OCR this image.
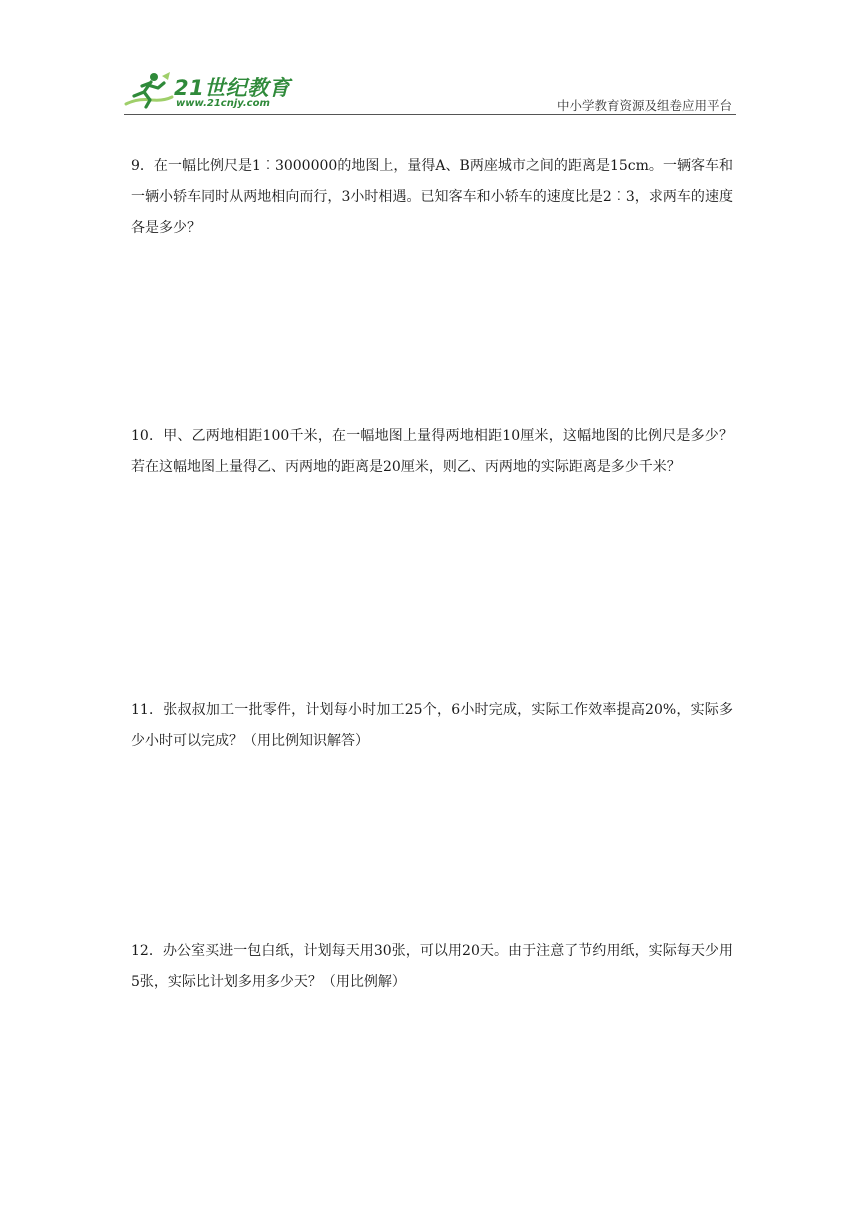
21世纪教育
www.21cnjy.com	中小学教育资源及组卷应用平台

9．在一幅比例尺是1︰3000000的地图上，量得A、B两座城市之间的距离是15cm。一辆客车和一辆小轿车同时从两地相向而行，3小时相遇。已知客车和小轿车的速度比是2︰3，求两车的速度各是多少？

10．甲、乙两地相距100千米，在一幅地图上量得两地相距10厘米，这幅地图的比例尺是多少？若在这幅地图上量得乙、丙两地的距离是20厘米，则乙、丙两地的实际距离是多少千米？

11．张叔叔加工一批零件，计划每小时加工25个，6小时完成，实际工作效率提高20%，实际多少小时可以完成？（用比例知识解答）

12．办公室买进一包白纸，计划每天用30张，可以用20天。由于注意了节约用纸，实际每天少用5张，实际比计划多用多少天？（用比例解）
